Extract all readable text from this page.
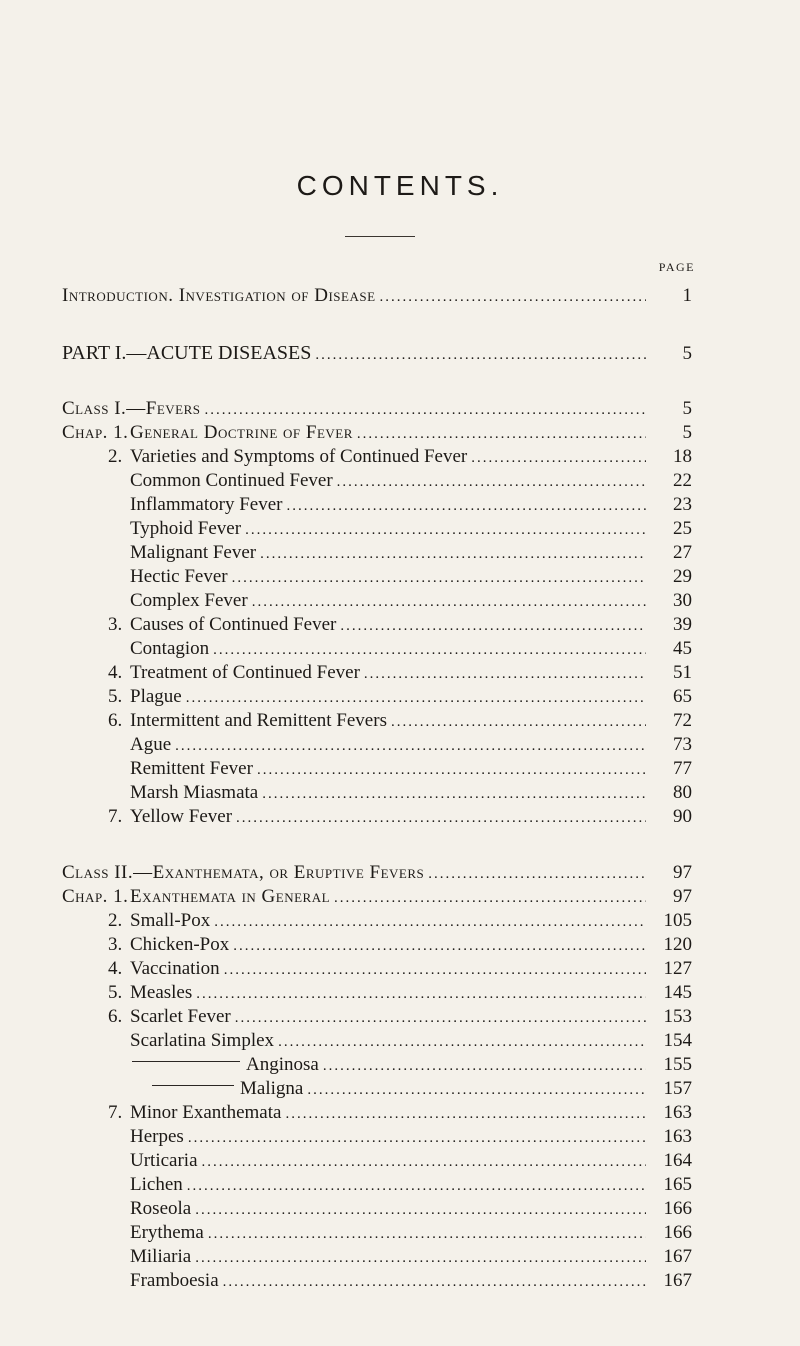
CONTENTS.
PAGE
Introduction. Investigation of Disease .....	1
PART I.—ACUTE DISEASES .....	5
Class I.—Fevers .....	5
Chap. 1.General Doctrine of Fever .....	5
2. Varieties and Symptoms of Continued Fever .....	18
Common Continued Fever .....	22
Inflammatory Fever .....	23
Typhoid Fever .....	25
Malignant Fever .....	27
Hectic Fever .....	29
Complex Fever .....	30
3. Causes of Continued Fever .....	39
Contagion .....	45
4. Treatment of Continued Fever .....	51
5. Plague .....	65
6. Intermittent and Remittent Fevers .....	72
Ague .....	73
Remittent Fever .....	77
Marsh Miasmata .....	80
7. Yellow Fever .....	90
Class II.—Exanthemata, or Eruptive Fevers .....	97
Chap. 1.Exanthemata in General .....	97
2. Small-Pox .....	105
3. Chicken-Pox .....	120
4. Vaccination .....	127
5. Measles .....	145
6. Scarlet Fever .....	153
Scarlatina Simplex .....	154
Anginosa .....	155
Maligna .....	157
7. Minor Exanthemata .....	163
Herpes .....	163
Urticaria .....	164
Lichen .....	165
Roseola .....	166
Erythema .....	166
Miliaria .....	167
Framboesia .....	167
